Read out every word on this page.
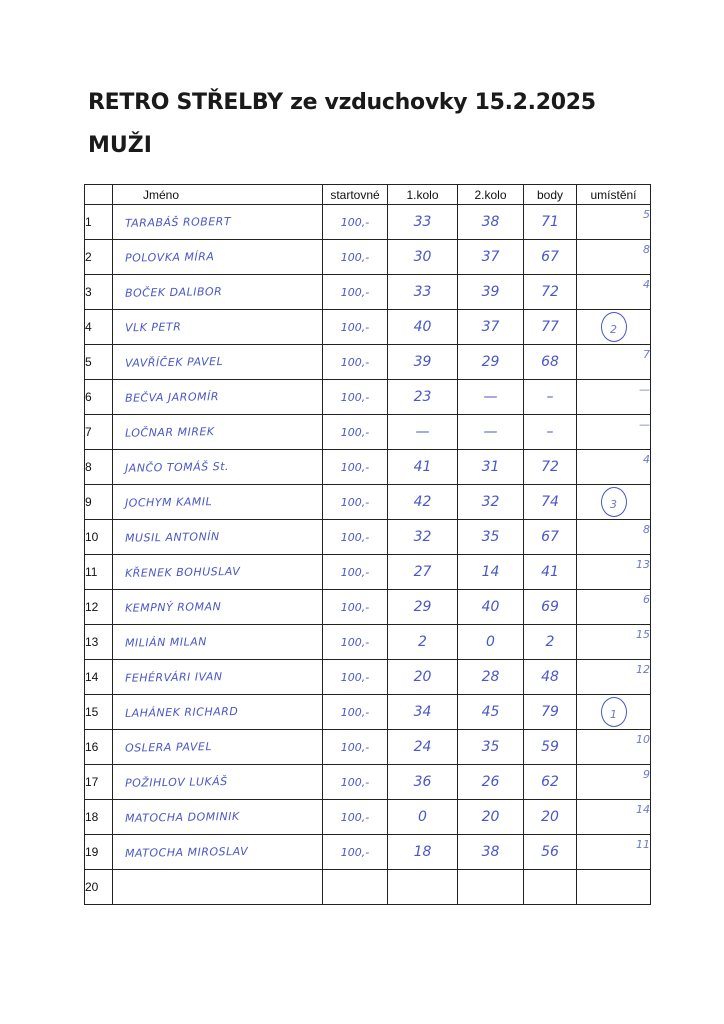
RETRO STŘELBY ze vzduchovky 15.2.2025
MUŽI
	Jméno	startovné	1.kolo	2.kolo	body	umístění
1	TARABÁŠ ROBERT	100,-	33	38	71	5
2	POLOVKA MÍRA	100,-	30	37	67	8
3	BOČEK DALIBOR	100,-	33	39	72	4
4	VLK PETR	100,-	40	37	77	2
5	VAVŘÍČEK PAVEL	100,-	39	29	68	7
6	BEČVA JAROMÍR	100,-	23	—	–	—
7	LOČNAR MIREK	100,-	—	—	–	—
8	JANČO TOMÁŠ St.	100,-	41	31	72	4
9	JOCHYM KAMIL	100,-	42	32	74	3
10	MUSIL ANTONÍN	100,-	32	35	67	8
11	KŘENEK BOHUSLAV	100,-	27	14	41	13
12	KEMPNÝ ROMAN	100,-	29	40	69	6
13	MILIÁN MILAN	100,-	2	0	2	15
14	FEHÉRVÁRI IVAN	100,-	20	28	48	12
15	LAHÁNEK RICHARD	100,-	34	45	79	1
16	OSLERA PAVEL	100,-	24	35	59	10
17	POŽIHLOV LUKÁŠ	100,-	36	26	62	9
18	MATOCHA DOMINIK	100,-	0	20	20	14
19	MATOCHA MIROSLAV	100,-	18	38	56	11
20						
